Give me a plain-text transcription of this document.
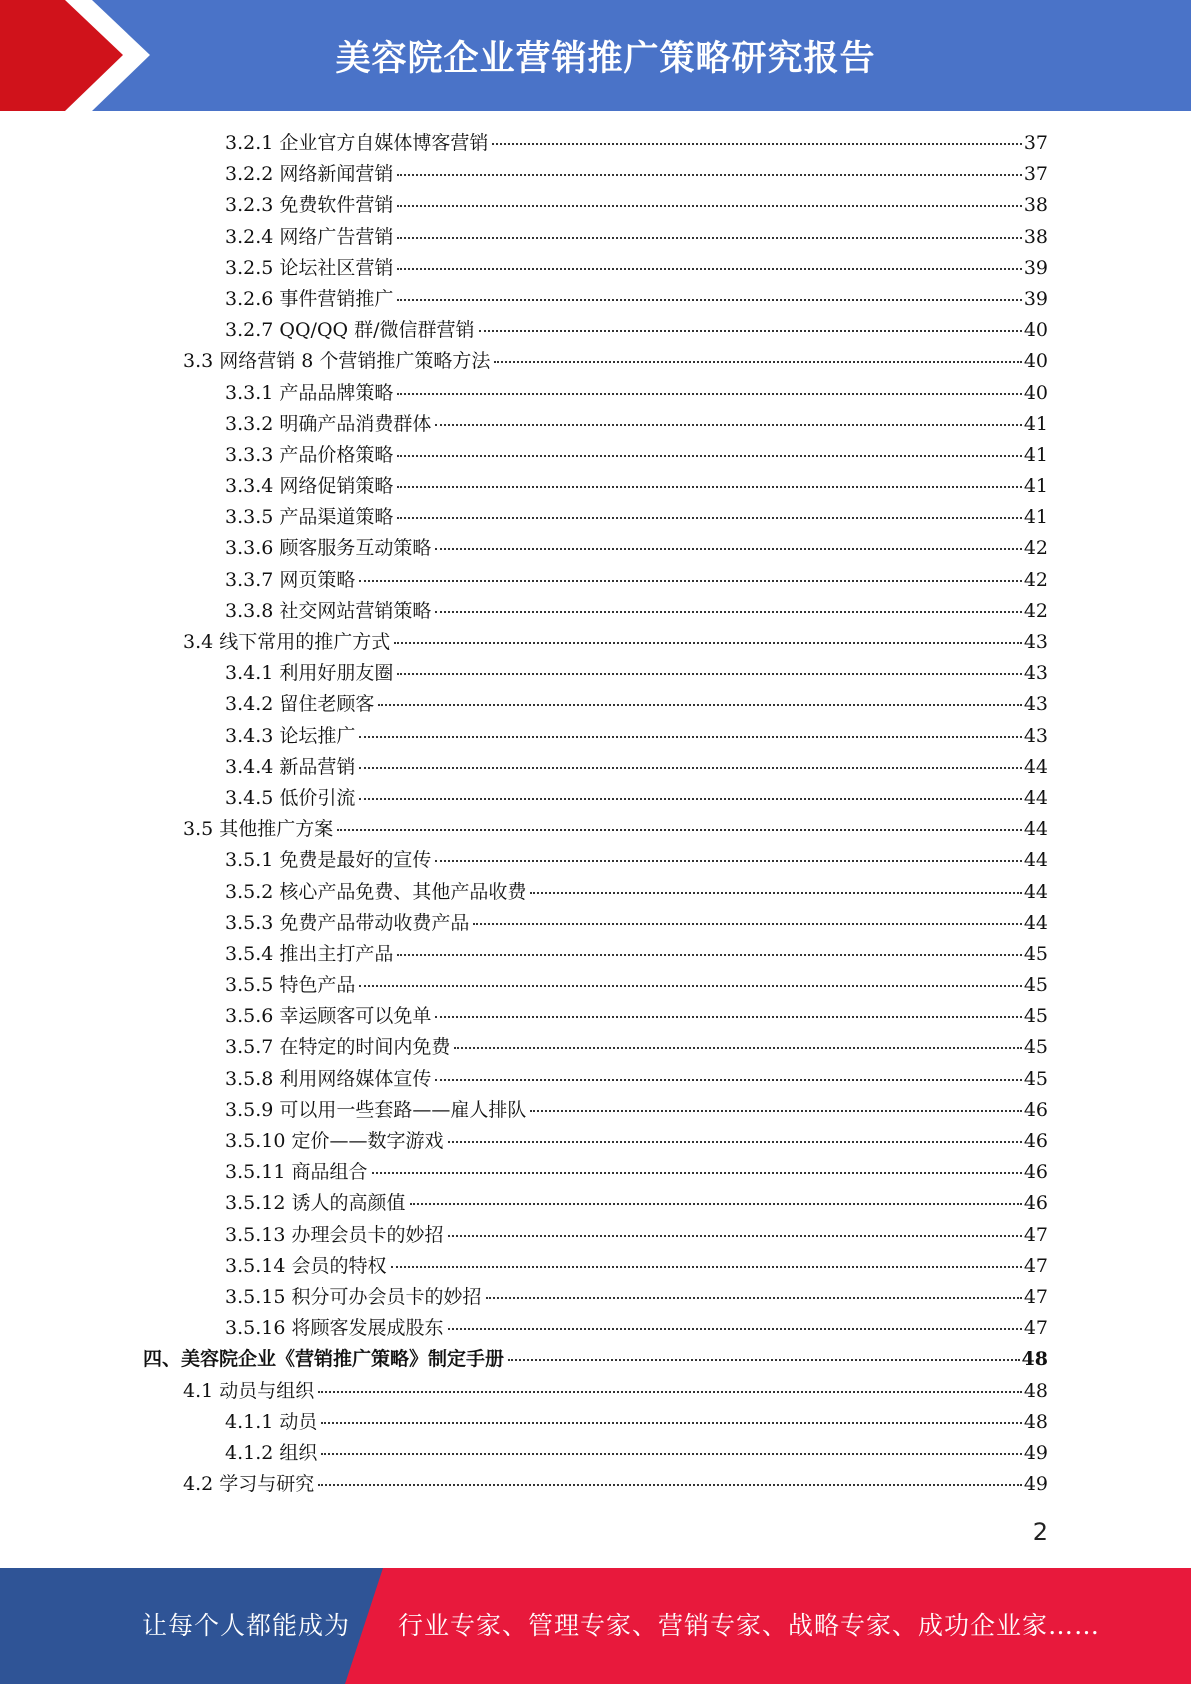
美容院企业营销推广策略研究报告
3.2.1
企业官方自媒体博客营销	37
3.2.2
网络新闻营销	37
3.2.3
免费软件营销	38
3.2.4
网络广告营销	38
3.2.5
论坛社区营销	39
3.2.6
事件营销推广	39
3.2.7
QQ/QQ 群/微信群营销	40
3.3
网络营销 8 个营销推广策略方法	40
3.3.1
产品品牌策略	40
3.3.2
明确产品消费群体	41
3.3.3
产品价格策略	41
3.3.4
网络促销策略	41
3.3.5
产品渠道策略	41
3.3.6
顾客服务互动策略	42
3.3.7
网页策略	42
3.3.8
社交网站营销策略	42
3.4
线下常用的推广方式	43
3.4.1
利用好朋友圈	43
3.4.2
留住老顾客	43
3.4.3
论坛推广	43
3.4.4
新品营销	44
3.4.5
低价引流	44
3.5
其他推广方案	44
3.5.1
免费是最好的宣传	44
3.5.2
核心产品免费、其他产品收费	44
3.5.3
免费产品带动收费产品	44
3.5.4
推出主打产品	45
3.5.5
特色产品	45
3.5.6
幸运顾客可以免单	45
3.5.7
在特定的时间内免费	45
3.5.8
利用网络媒体宣传	45
3.5.9
可以用一些套路——雇人排队	46
3.5.10
定价——数字游戏	46
3.5.11
商品组合	46
3.5.12
诱人的高颜值	46
3.5.13
办理会员卡的妙招	47
3.5.14
会员的特权	47
3.5.15
积分可办会员卡的妙招	47
3.5.16
将顾客发展成股东	47
四、 美容院企业《营销推广策略》制定手册	48
4.1
动员与组织	48
4.1.1
动员	48
4.1.2
组织	49
4.2
学习与研究	49
2
让每个人都能成为 行业专家、管理专家、营销专家、战略专家、成功企业家……
